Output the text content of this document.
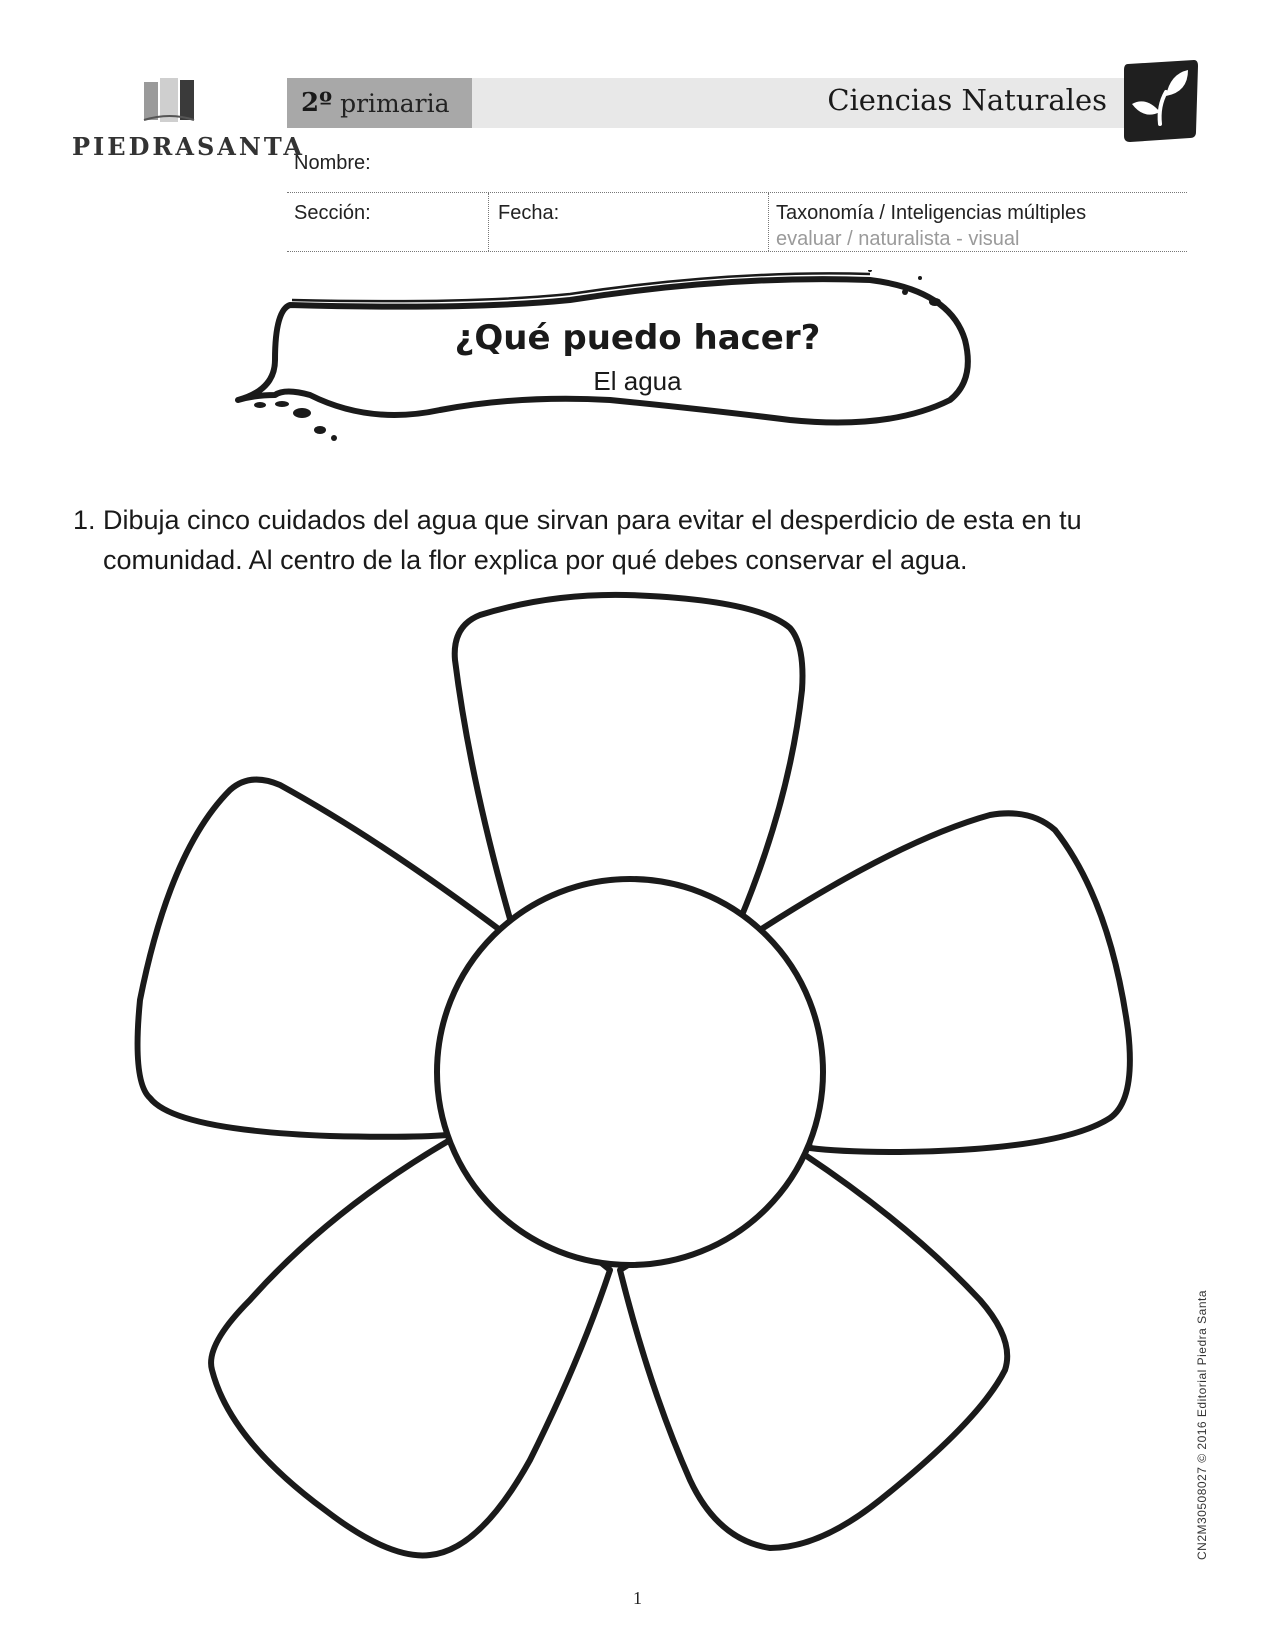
PIEDRASANTA
2º primaria	Ciencias Naturales
Nombre:
Sección:	Fecha:	Taxonomía / Inteligencias múltiples
evaluar / naturalista - visual
¿Qué puedo hacer?
El agua
1. Dibuja cinco cuidados del agua que sirvan para evitar el desperdicio de esta en tu comunidad. Al centro de la flor explica por qué debes conservar el agua.
1
CN2M30508027 © 2016 Editorial Piedra Santa
